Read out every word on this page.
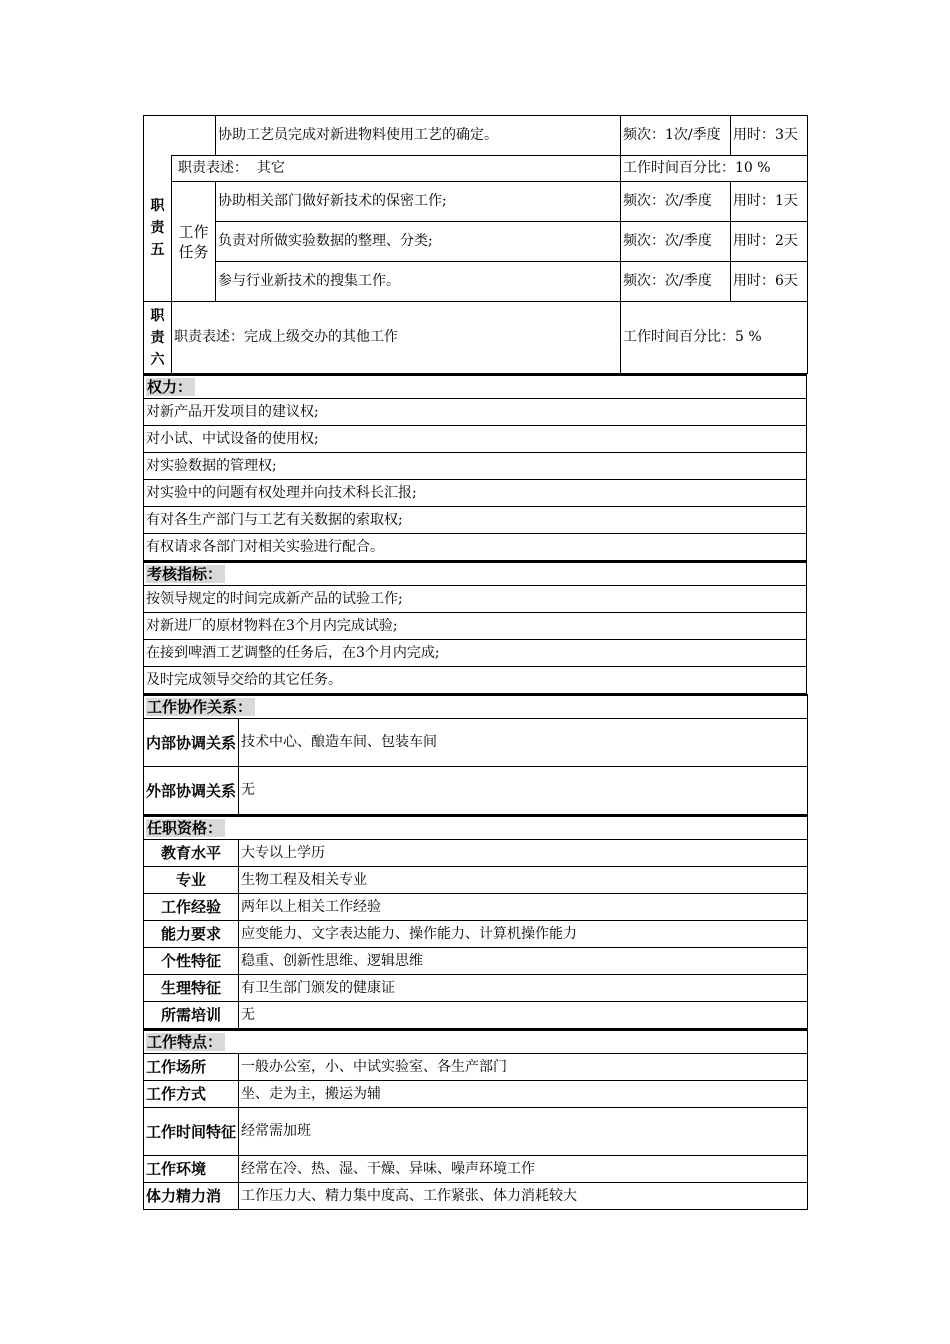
		协助工艺员完成对新进物料使用工艺的确定。	频次：1次/季度	用时：3天
职责五	职责表述： 其它		工作时间百分比：10 %	
	工作任务	协助相关部门做好新技术的保密工作;	频次：次/季度	用时：1天
		负责对所做实验数据的整理、分类;	频次：次/季度	用时：2天
		参与行业新技术的搜集工作。	频次：次/季度	用时：6天
职责六	职责表述：完成上级交办的其他工作		工作时间百分比：5 %	
权力：
对新产品开发项目的建议权;
对小试、中试设备的使用权;
对实验数据的管理权;
对实验中的问题有权处理并向技术科长汇报;
有对各生产部门与工艺有关数据的索取权;
有权请求各部门对相关实验进行配合。
考核指标：
按领导规定的时间完成新产品的试验工作;
对新进厂的原材物料在3个月内完成试验;
在接到啤酒工艺调整的任务后，在3个月内完成;
及时完成领导交给的其它任务。
工作协作关系：	
内部协调关系	技术中心、酿造车间、包装车间
外部协调关系	无
任职资格：	
教育水平	大专以上学历
专业	生物工程及相关专业
工作经验	两年以上相关工作经验
能力要求	应变能力、文字表达能力、操作能力、计算机操作能力
个性特征	稳重、创新性思维、逻辑思维
生理特征	有卫生部门颁发的健康证
所需培训	无
工作特点：	
工作场所	一般办公室，小、中试实验室、各生产部门
工作方式	坐、走为主，搬运为辅
工作时间特征	经常需加班
工作环境	经常在冷、热、湿、干燥、异味、噪声环境工作
体力精力消	工作压力大、精力集中度高、工作紧张、体力消耗较大
